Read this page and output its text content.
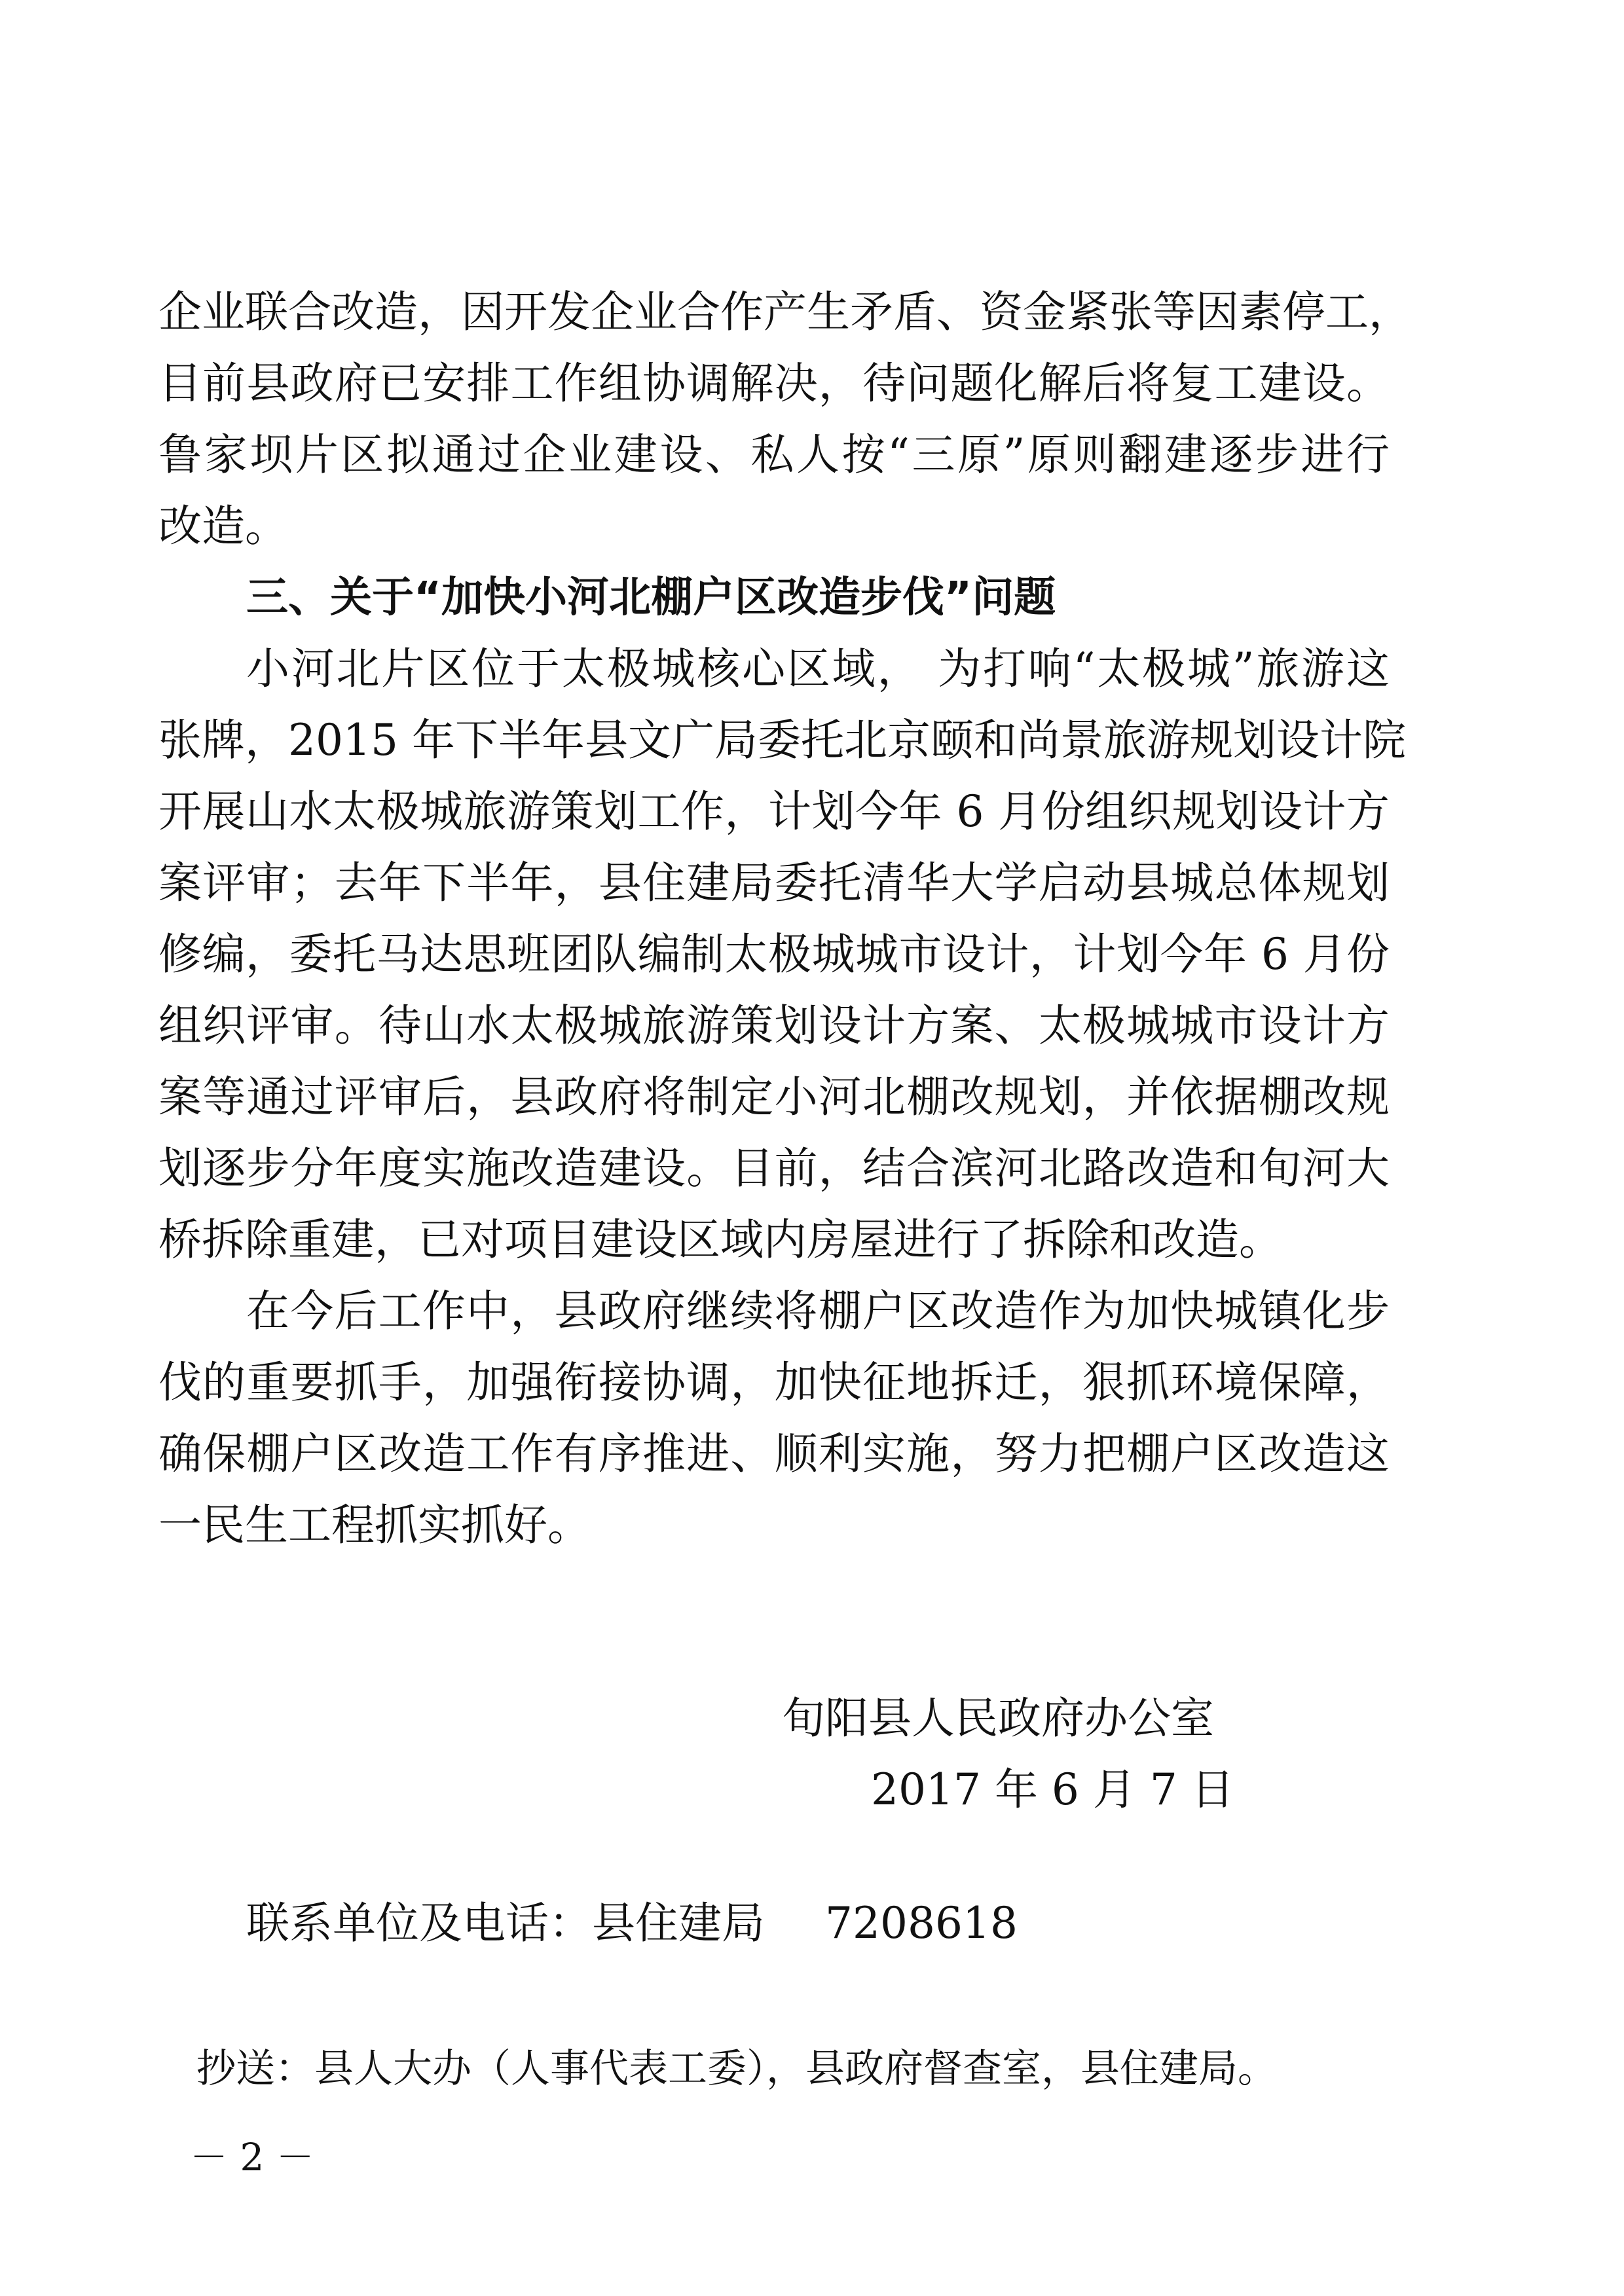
企业联合改造，因开发企业合作产生矛盾、资金紧张等因素停工，
目前县政府已安排工作组协调解决，待问题化解后将复工建设。
鲁家坝片区拟通过企业建设、私人按“三原”原则翻建逐步进行
改造。
三、关于“加快小河北棚户区改造步伐”问题
小河北片区位于太极城核心区域， 为打响“太极城”旅游这
张牌，2015 年下半年县文广局委托北京颐和尚景旅游规划设计院
开展山水太极城旅游策划工作，计划今年 6 月份组织规划设计方
案评审；去年下半年，县住建局委托清华大学启动县城总体规划
修编，委托马达思班团队编制太极城城市设计，计划今年 6 月份
组织评审。待山水太极城旅游策划设计方案、太极城城市设计方
案等通过评审后，县政府将制定小河北棚改规划，并依据棚改规
划逐步分年度实施改造建设。目前，结合滨河北路改造和旬河大
桥拆除重建，已对项目建设区域内房屋进行了拆除和改造。
在今后工作中，县政府继续将棚户区改造作为加快城镇化步
伐的重要抓手，加强衔接协调，加快征地拆迁，狠抓环境保障，
确保棚户区改造工作有序推进、顺利实施，努力把棚户区改造这
一民生工程抓实抓好。
旬阳县人民政府办公室
2017 年 6 月 7 日
联系单位及电话：县住建局 7208618
抄送：县人大办（人事代表工委），县政府督查室，县住建局。
－ 2 －
